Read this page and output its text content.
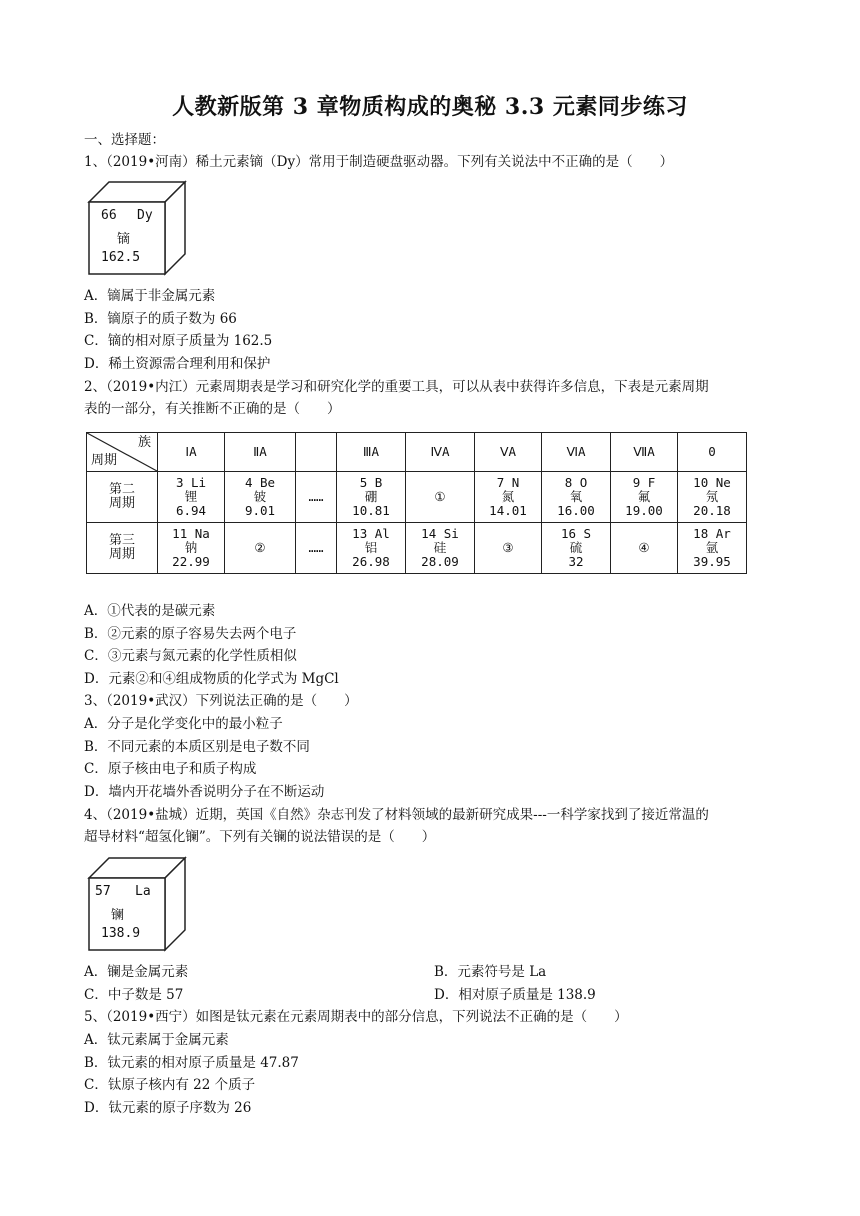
人教新版第 3 章物质构成的奥秘 3.3 元素同步练习
一、选择题：
1、（2019•河南）稀土元素镝（Dy）常用于制造硬盘驱动器。下列有关说法中不正确的是（　　）
66 Dy
镝
162.5
A．镝属于非金属元素
B．镝原子的质子数为 66
C．镝的相对原子质量为 162.5
D．稀土资源需合理利用和保护
2、（2019•内江）元素周期表是学习和研究化学的重要工具，可以从表中获得许多信息，下表是元素周期
表的一部分，有关推断不正确的是（　　）
族
周期	ⅠA	ⅡA		ⅢA	ⅣA	ⅤA	ⅥA	ⅦA	0
第二
周期	3 Li
锂
6.94	4 Be
铍
9.01	……	5 B
硼
10.81	①	7 N
氮
14.01	8 O
氧
16.00	9 F
氟
19.00	10 Ne
氖
20.18
第三
周期	11 Na
钠
22.99	②	……	13 Al
铝
26.98	14 Si
硅
28.09	③	16 S
硫
32	④	18 Ar
氩
39.95
A．①代表的是碳元素
B．②元素的原子容易失去两个电子
C．③元素与氮元素的化学性质相似
D．元素②和④组成物质的化学式为 MgCl
3、（2019•武汉）下列说法正确的是（　　）
A．分子是化学变化中的最小粒子
B．不同元素的本质区别是电子数不同
C．原子核由电子和质子构成
D．墙内开花墙外香说明分子在不断运动
4、（2019•盐城）近期，英国《自然》杂志刊发了材料领域的最新研究成果---一科学家找到了接近常温的
超导材料“超氢化镧”。下列有关镧的说法错误的是（　　）
57 La
镧
138.9
A．镧是金属元素	B．元素符号是 La
C．中子数是 57	D．相对原子质量是 138.9
5、（2019•西宁）如图是钛元素在元素周期表中的部分信息，下列说法不正确的是（　　）
A．钛元素属于金属元素
B．钛元素的相对原子质量是 47.87
C．钛原子核内有 22 个质子
D．钛元素的原子序数为 26
